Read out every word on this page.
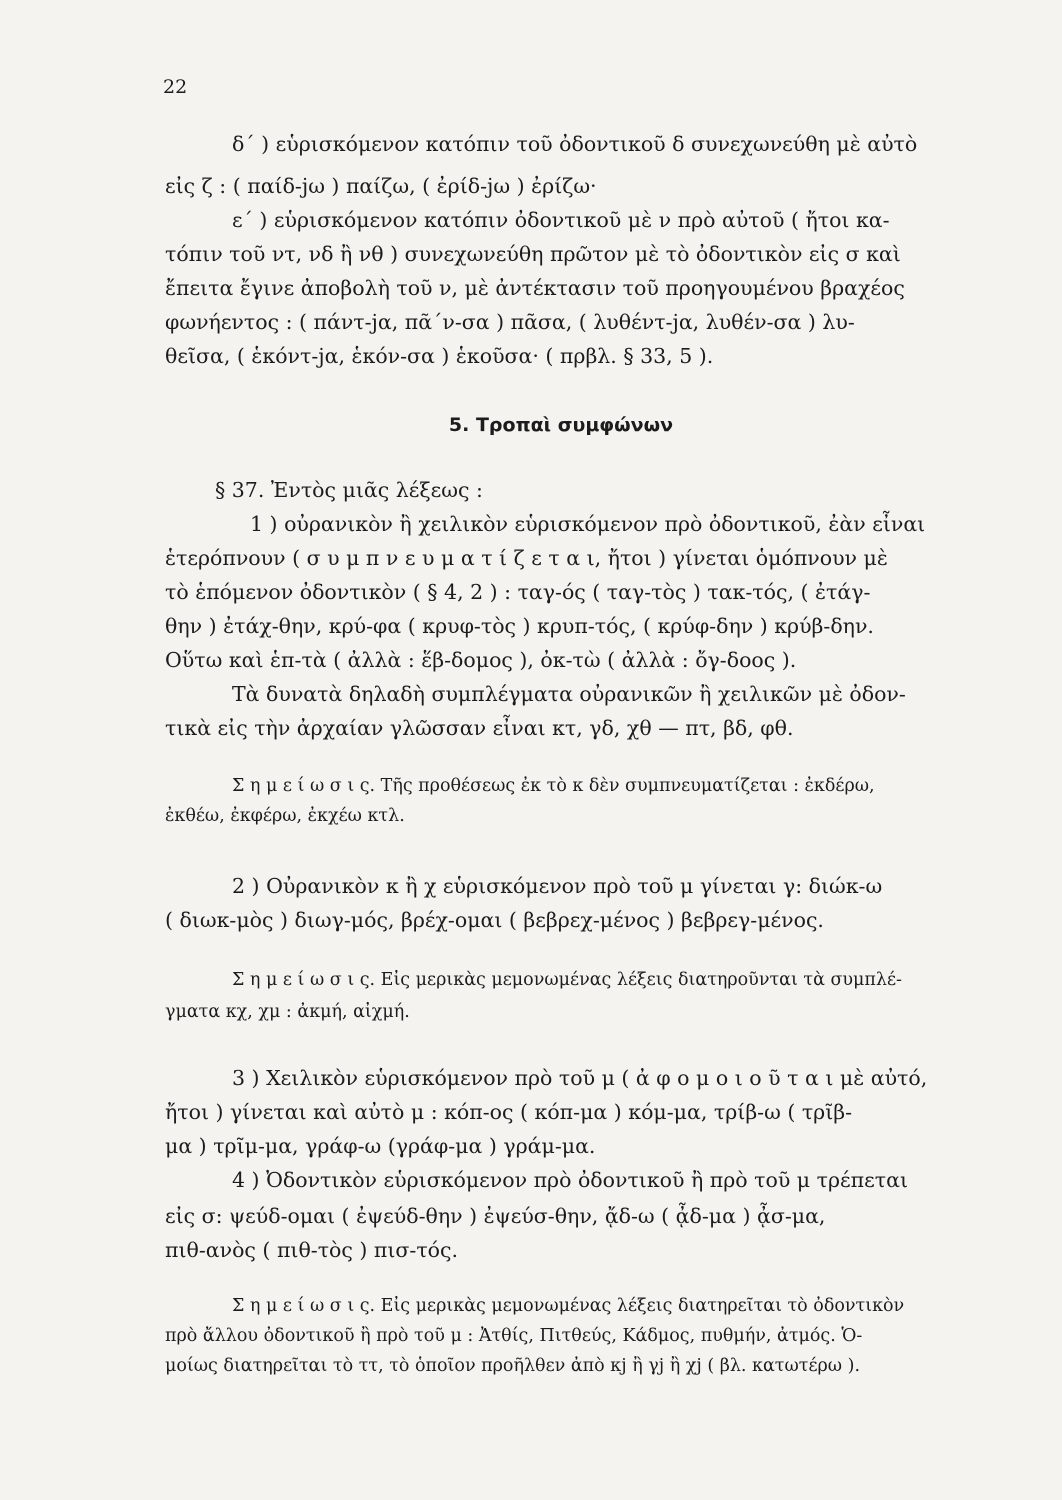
22
δ΄ ) εὑρισκόμενον κατόπιν τοῦ ὀδοντικοῦ δ συνεχωνεύθη μὲ αὐτὸ
εἰς ζ : ( παίδ-jω ) παίζω, ( ἐρίδ-jω ) ἐρίζω·
ε΄ ) εὑρισκόμενον κατόπιν ὀδοντικοῦ μὲ ν πρὸ αὐτοῦ ( ἤτοι κα-
τόπιν τοῦ ντ, νδ ἢ νθ ) συνεχωνεύθη πρῶτον μὲ τὸ ὀδοντικὸν εἰς σ καὶ
ἔπειτα ἔγινε ἀποβολὴ τοῦ ν, μὲ ἀντέκτασιν τοῦ προηγουμένου βραχέος
φωνήεντος : ( πάντ-jα, πᾶ΄ν-σα ) πᾶσα, ( λυθέντ-jα, λυθέν-σα ) λυ-
θεῖσα, ( ἑκόντ-jα, ἑκόν-σα ) ἑκοῦσα· ( πρβλ. § 33, 5 ).
5. Τροπαὶ συμφώνων
§ 37. Ἐντὸς μιᾶς λέξεως :
1 ) οὐρανικὸν ἢ χειλικὸν εὑρισκόμενον πρὸ ὀδοντικοῦ, ἐὰν εἶναι
ἑτερόπνουν ( σ υ μ π ν ε υ μ α τ ί ζ ε τ α ι, ἤτοι ) γίνεται ὁμόπνουν μὲ
τὸ ἑπόμενον ὀδοντικὸν ( § 4, 2 ) : ταγ-ός ( ταγ-τὸς ) τακ-τός, ( ἐτάγ-
θην ) ἐτάχ-θην, κρύ-φα ( κρυφ-τὸς ) κρυπ-τός, ( κρύφ-δην ) κρύβ-δην.
Οὕτω καὶ ἑπ-τὰ ( ἀλλὰ : ἕβ-δομος ), ὀκ-τὼ ( ἀλλὰ : ὄγ-δοος ).
Τὰ δυνατὰ δηλαδὴ συμπλέγματα οὐρανικῶν ἢ χειλικῶν μὲ ὀδον-
τικὰ εἰς τὴν ἀρχαίαν γλῶσσαν εἶναι κτ, γδ, χθ — πτ, βδ, φθ.
Σ η μ ε ί ω σ ι ς. Τῆς προθέσεως ἐκ τὸ κ δὲν συμπνευματίζεται : ἐκδέρω,
ἐκθέω, ἐκφέρω, ἐκχέω κτλ.
2 ) Οὐρανικὸν κ ἢ χ εὑρισκόμενον πρὸ τοῦ μ γίνεται γ: διώκ-ω
( διωκ-μὸς ) διωγ-μός, βρέχ-ομαι ( βεβρεχ-μένος ) βεβρεγ-μένος.
Σ η μ ε ί ω σ ι ς. Εἰς μερικὰς μεμονωμένας λέξεις διατηροῦνται τὰ συμπλέ-
γματα κχ, χμ : ἀκμή, αἰχμή.
3 ) Χειλικὸν εὑρισκόμενον πρὸ τοῦ μ ( ἀ φ ο μ ο ι ο ῦ τ α ι μὲ αὐτό,
ἤτοι ) γίνεται καὶ αὐτὸ μ : κόπ-ος ( κόπ-μα ) κόμ-μα, τρίβ-ω ( τρῖβ-
μα ) τρῖμ-μα, γράφ-ω (γράφ-μα ) γράμ-μα.
4 ) Ὀδοντικὸν εὑρισκόμενον πρὸ ὀδοντικοῦ ἢ πρὸ τοῦ μ τρέπεται
εἰς σ: ψεύδ-ομαι ( ἐψεύδ-θην ) ἐψεύσ-θην, ᾄδ-ω ( ᾆδ-μα ) ᾆσ-μα,
πιθ-ανὸς ( πιθ-τὸς ) πισ-τός.
Σ η μ ε ί ω σ ι ς. Εἰς μερικὰς μεμονωμένας λέξεις διατηρεῖται τὸ ὀδοντικὸν
πρὸ ἄλλου ὀδοντικοῦ ἢ πρὸ τοῦ μ : Ἀτθίς, Πιτθεύς, Κάδμος, πυθμήν, ἀτμός. Ὁ-
μοίως διατηρεῖται τὸ ττ, τὸ ὁποῖον προῆλθεν ἀπὸ κj ἢ γj ἢ χj ( βλ. κατωτέρω ).
